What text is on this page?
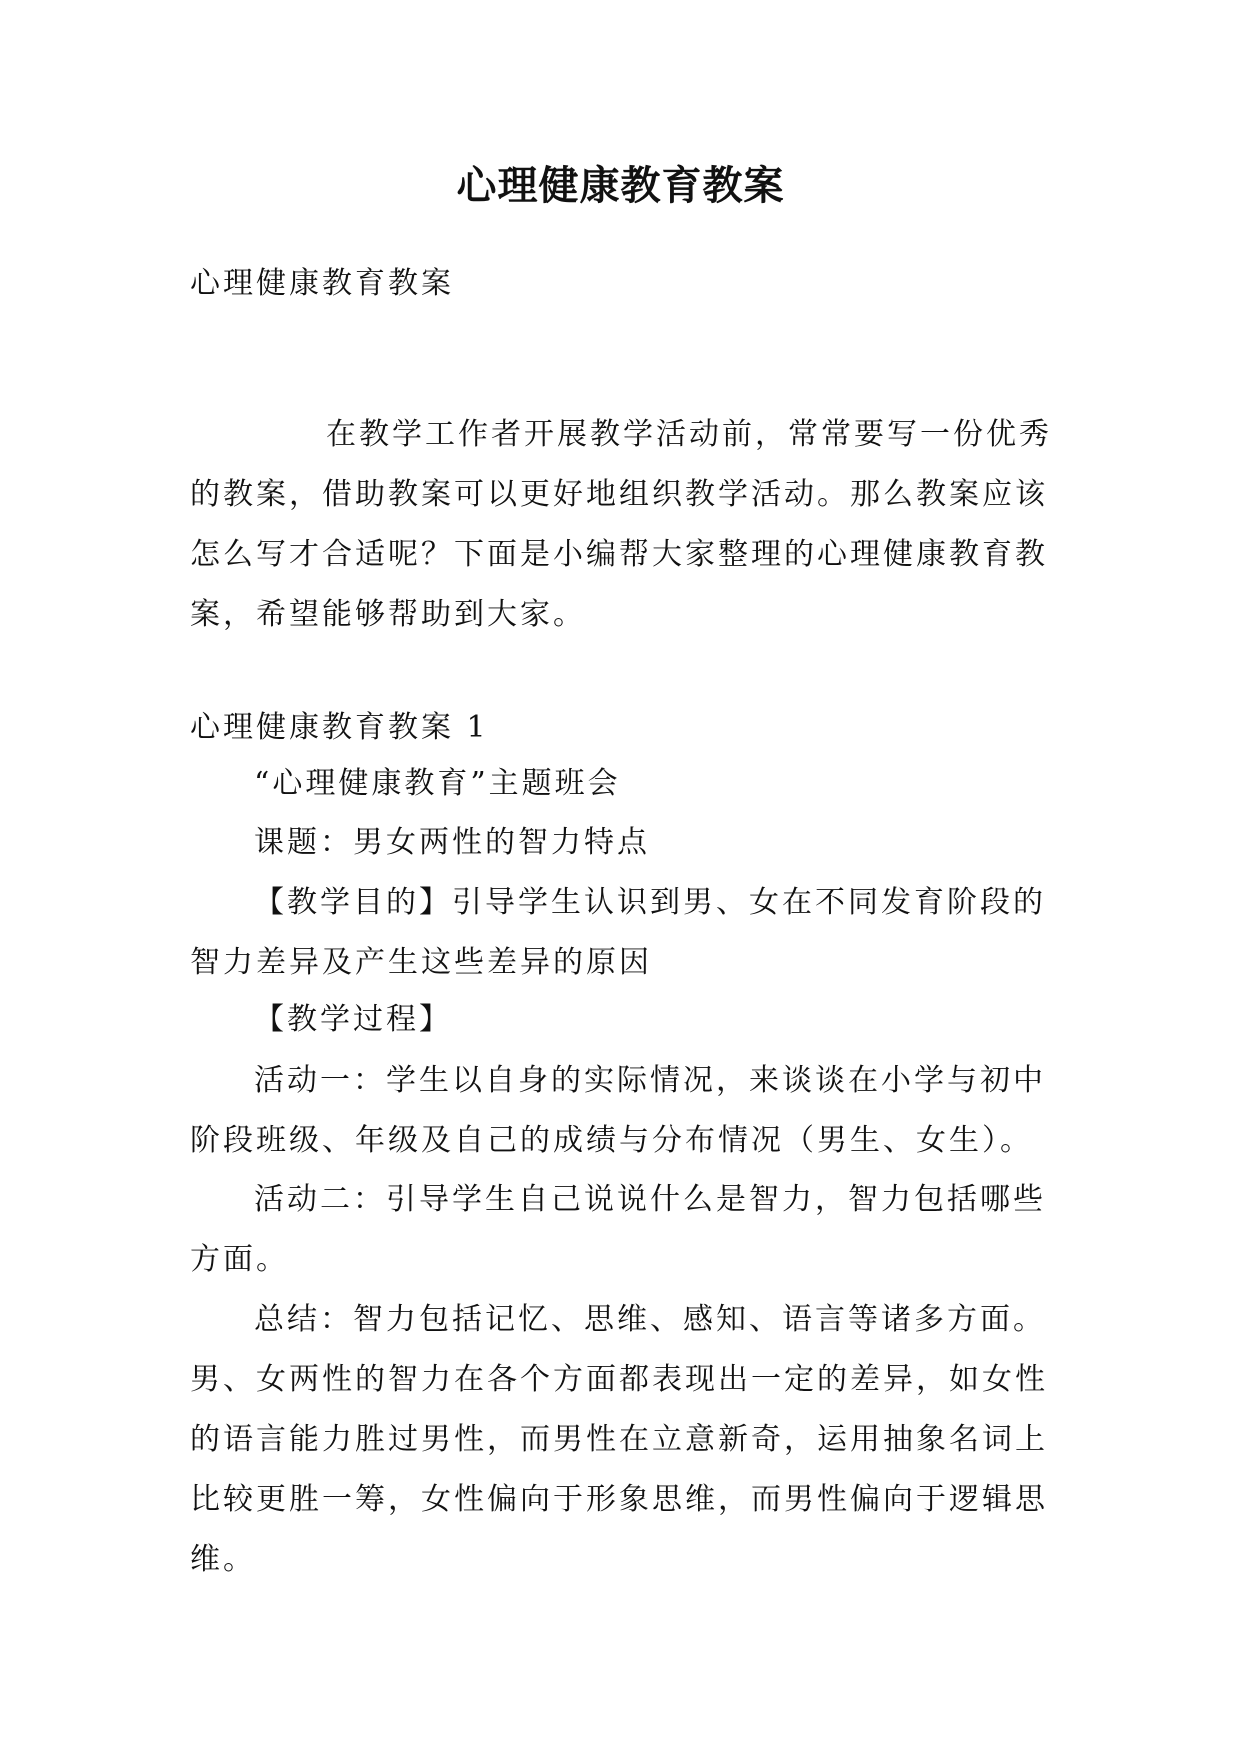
心理健康教育教案

心理健康教育教案

在教学工作者开展教学活动前，常常要写一份优秀的教案，借助教案可以更好地组织教学活动。那么教案应该怎么写才合适呢？下面是小编帮大家整理的心理健康教育教案，希望能够帮助到大家。

心理健康教育教案 1

“心理健康教育”主题班会

课题：男女两性的智力特点

【教学目的】引导学生认识到男、女在不同发育阶段的智力差异及产生这些差异的原因

【教学过程】

活动一：学生以自身的实际情况，来谈谈在小学与初中阶段班级、年级及自己的成绩与分布情况（男生、女生）。

活动二：引导学生自己说说什么是智力，智力包括哪些方面。

总结：智力包括记忆、思维、感知、语言等诸多方面。男、女两性的智力在各个方面都表现出一定的差异，如女性的语言能力胜过男性，而男性在立意新奇，运用抽象名词上比较更胜一筹，女性偏向于形象思维，而男性偏向于逻辑思维。
